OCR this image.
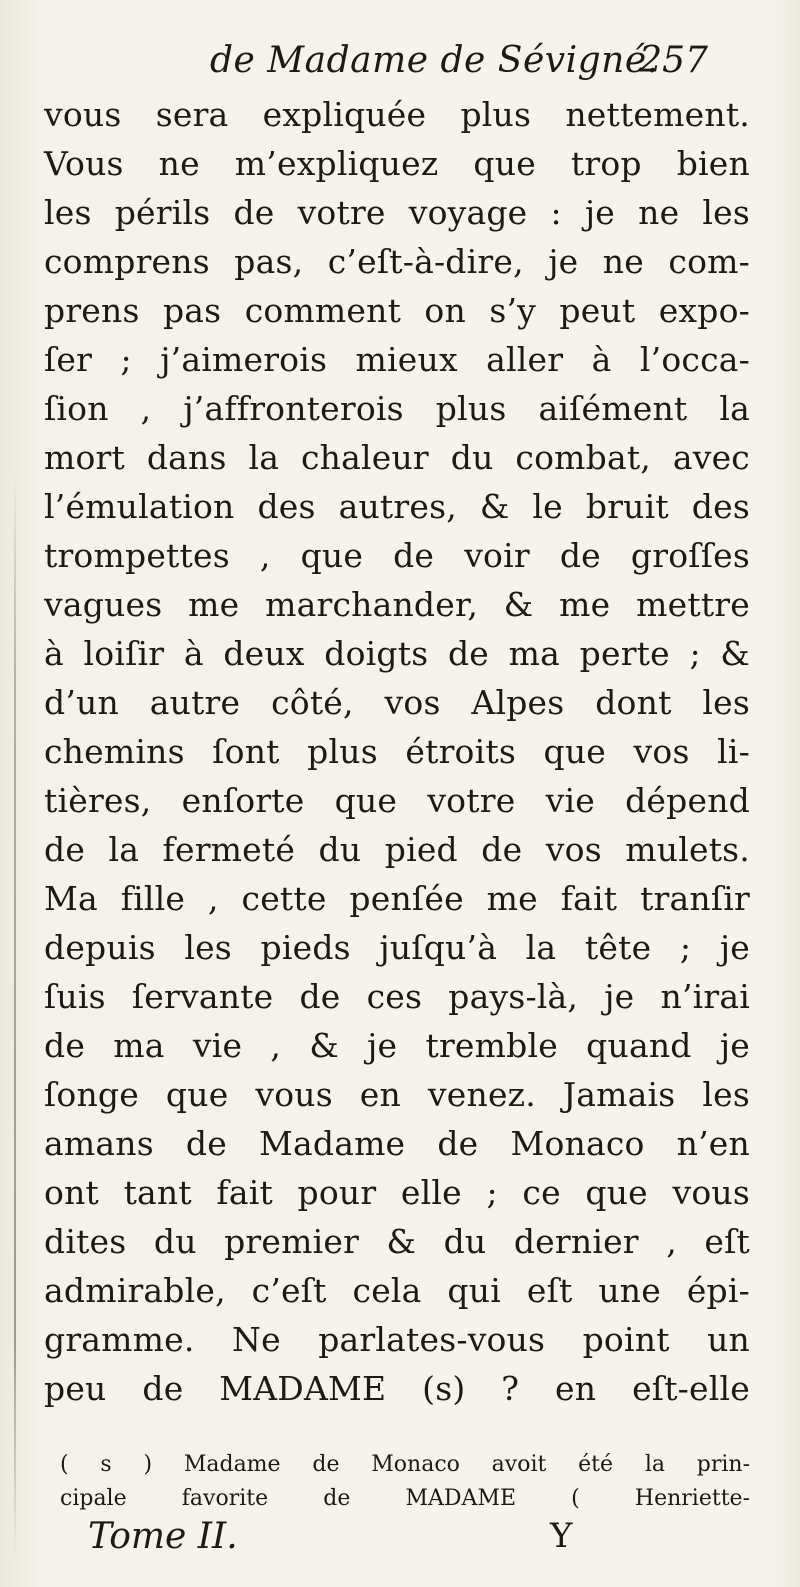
de Madame de Sévigné.
257
vous sera expliquée plus nettement.
Vous ne m’expliquez que trop bien
les périls de votre voyage : je ne les
comprens pas, c’eſt-à-dire, je ne com-
prens pas comment on s’y peut expo-
ſer ; j’aimerois mieux aller à l’occa-
ſion , j’affronterois plus aiſément la
mort dans la chaleur du combat, avec
l’émulation des autres, & le bruit des
trompettes , que de voir de groſſes
vagues me marchander, & me mettre
à loiſir à deux doigts de ma perte ; &
d’un autre côté, vos Alpes dont les
chemins ſont plus étroits que vos li-
tières, enſorte que votre vie dépend
de la fermeté du pied de vos mulets.
Ma fille , cette penſée me fait tranſir
depuis les pieds juſqu’à la tête ; je
ſuis ſervante de ces pays-là, je n’irai
de ma vie , & je tremble quand je
ſonge que vous en venez. Jamais les
amans de Madame de Monaco n’en
ont tant fait pour elle ; ce que vous
dites du premier & du dernier , eſt
admirable, c’eſt cela qui eſt une épi-
gramme. Ne parlates-vous point un
peu de MADAME (s) ? en eſt-elle
( s ) Madame de Monaco avoit été la prin-
cipale favorite de MADAME ( Henriette-
Tome II.	Y
